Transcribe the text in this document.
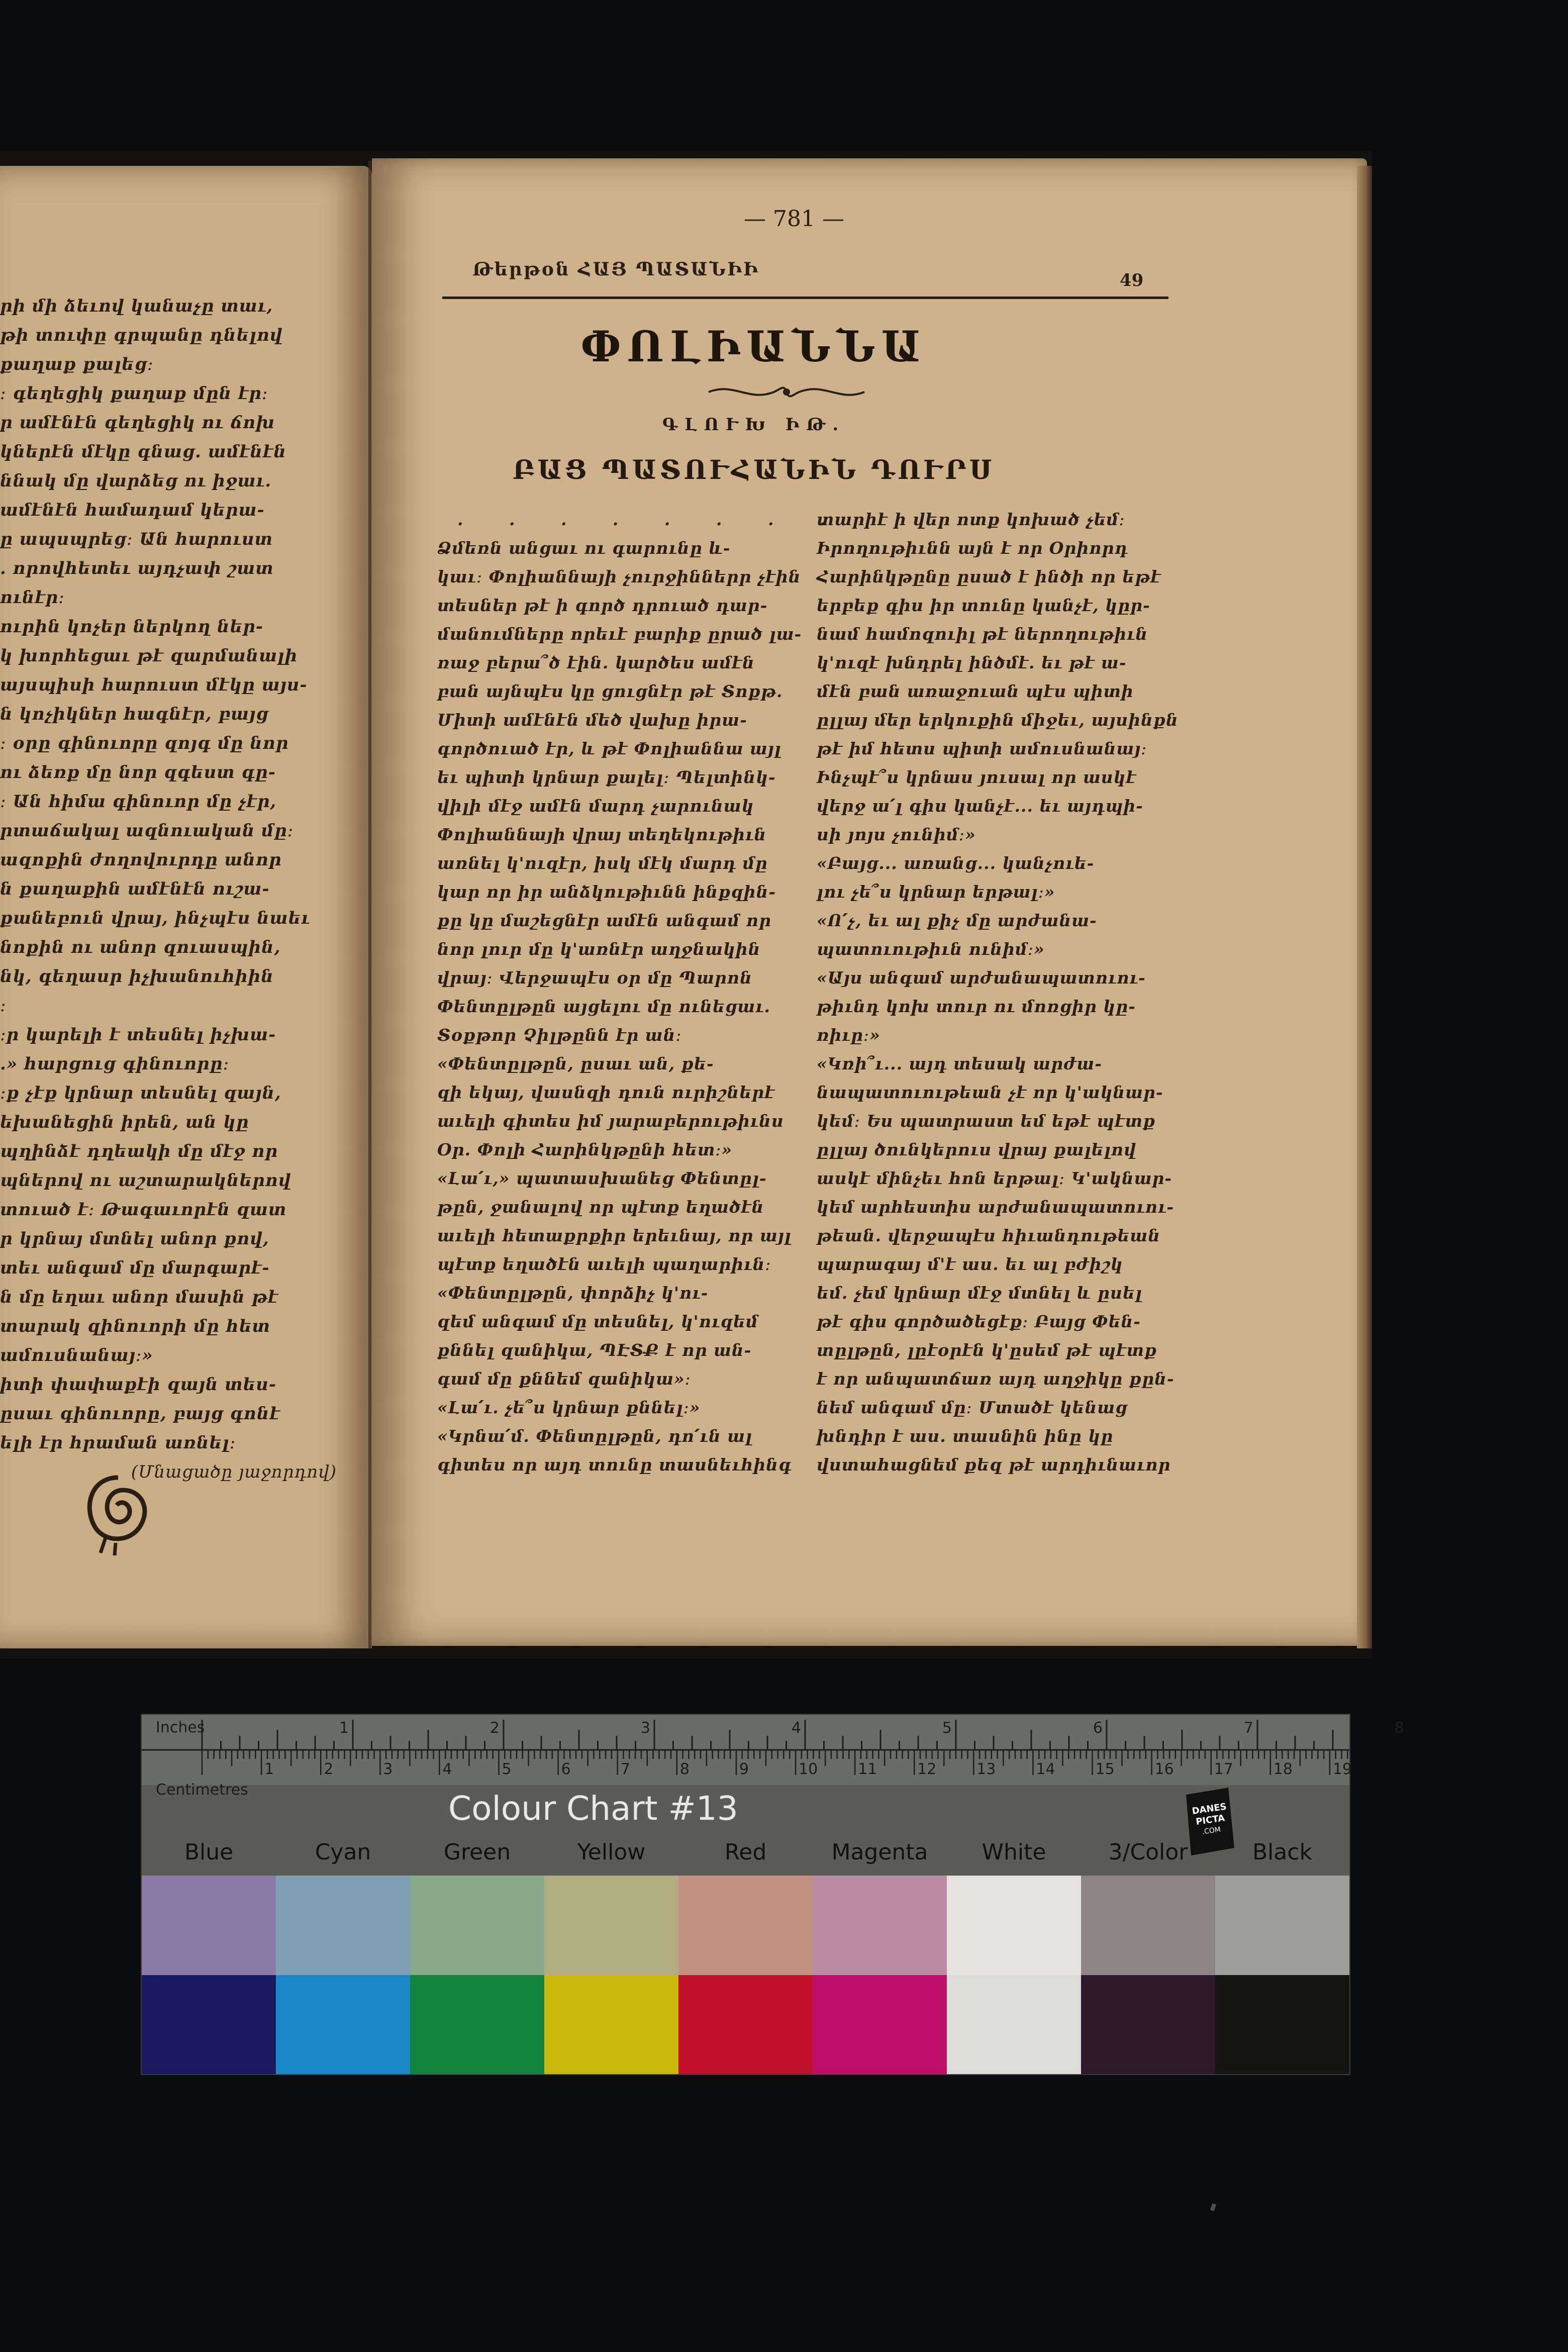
րի մի ձեւով կանաչը տաւ,
թի տուփը գրպանը դնելով
քաղաք քալեց։
։ գեղեցիկ քաղաք մըն էր։
ր ամէնէն գեղեցիկ ու ճոխ
կներէն մէկը գնաց. ամէնէն
ննակ մը վարձեց ու իջաւ.
ամէնէն համադամ կերա-
ը ապսպրեց։ Ան հարուստ
. որովհետեւ այդչափ շատ
ունէր։
ուրին կոչեր ներկող ներ-
կ խորհեցաւ թէ զարմանալի
այսպիսի հարուստ մէկը այս-
ն կոչիկներ հագնէր, բայց
։ օրը գինուորը զոյգ մը նոր
ու ձեռք մը նոր զգեստ գը-
։ Ան հիմա գինուոր մը չէր,
րտաճակալ ազնուական մը։
ազոքին ժողովուրդը անոր
ն քաղաքին ամէնէն ուշա-
քանեբուն վրայ, ինչպէս նաեւ
նոքին ու անոր զուասպին,
նկ, գեղասր իչխանուհիին
։
։ր կարելի է տեսնել իչխա-
.» հարցուց գինուորը։
։ք չէք կրնար տեսնել զայն,
եխանեցին իրեն, ան կը
պղինձէ դղեակի մը մէջ որ
պներով ու աշտարակներով
տուած է։ Թագաւորէն զատ
ր կրնայ մտնել անոր քով,
տեւ անգամ մը մարգարէ-
ն մը եղաւ անոր մասին թէ
տարակ զինուորի մը հետ
ամուսնանայ։»
իտի փափաքէի զայն տես-
ըսաւ գինուորը, բայց գոնէ
ելի էր հրաման առնել։
(Մնացածը յաջորդով)
— 781 —
Թերթօն ՀԱՅ ՊԱՏԱՆԻԻ
49
ՓՈԼԻԱՆՆԱ
ԳԼՈՒԽ ԻԹ.
ԲԱՑ ՊԱՏՈՒՀԱՆԻՆ ԴՈՒՐՍ
. . . . . . . .
Ձմեռն անցաւ ու գարունը և-
կաւ։ Փոլիաննայի չուրջիններր չէին
տեսներ թէ ի գործ դրուած դար-
մանումները որեւէ բարիք ըրած լա-
ռաջ բերա՞ծ էին. կարծես ամէն
բան այնպէս կը ցուցնէր թէ Տոքթ.
Միտի ամէնէն մեծ վախը իրա-
գործուած էր, և թէ Փոլիաննա այլ
եւ պիտի կրնար քալել։ Պելտինկ-
վիլի մէջ ամէն մարդ չարունակ
Փոլիաննայի վրայ տեղեկութիւն
առնել կ'ուզէր, իսկ մէկ մարդ մը
կար որ իր անձկութիւնն ինքզին-
քը կը մաշեցնէր ամէն անգամ որ
նոր լուր մը կ'առնէր աղջնակին
վրայ։ Վերջապէս օր մը Պարոն
Փենտըլթըն այցելու մը ունեցաւ.
Տօքթոր Չիլթընն էր ան։
«Փենտըլթըն, ըսաւ ան, քե-
զի եկայ, վասնզի դուն ուրիշներէ
աւելի գիտես իմ յարաբերութիւնս
Օր. Փոլի Հարինկթընի հետ։»
«Լա՛ւ,» պատասխանեց Փենտըլ-
թըն, ջանալով որ պէտք եղածէն
աւելի հետաքրքիր երեւնայ, որ այլ
պէտք եղածէն աւելի պաղարիւն։
«Փենտըլթըն, փորձիչ կ'ու-
զեմ անգամ մը տեսնել, կ'ուզեմ
քննել զանիկա, ՊԷՏՔ է որ ան-
գամ մը քննեմ զանիկա»։
«Լա՛ւ. չե՞ս կրնար քննել։»
«Կրնա՛մ. Փենտըլթըն, դո՛ւն ալ
գիտես որ այդ տունը տասնեւհինգ
տարիէ ի վեր ոտք կոխած չեմ։
Իրողութիւնն այն է որ Օրիորդ
Հարինկթընը ըսած է ինծի որ եթէ
երբեք գիս իր տունը կանչէ, կըր-
նամ համոզուիլ թէ ներողութիւն
կ'ուզէ խնդրել ինծմէ. եւ թէ ա-
մէն բան առաջուան պէս պիտի
ըլլայ մեր երկուքին միջեւ, այսինքն
թէ իմ հետս պիտի ամուսնանայ։
Ինչպէ՞ս կրնաս յուսալ որ ասկէ
վերջ ա՛լ գիս կանչէ... եւ այդպի-
սի յոյս չունիմ։»
«Բայց... առանց... կանչուե-
լու չե՞ս կրնար երթալ։»
«Ո՛չ, եւ ալ քիչ մը արժանա-
պատուութիւն ունիմ։»
«Այս անգամ արժանապատուու-
թիւնդ կոխ տուր ու մոռցիր կը-
ռիւը։»
«Կռի՞ւ... այդ տեսակ արժա-
նապատուութեան չէ որ կ'ակնար-
կեմ։ Ես պատրաստ եմ եթէ պէտք
ըլլայ ծունկերուս վրայ քալելով
ասկէ մինչեւ հոն երթալ։ Կ'ակնար-
կեմ արհեստիս արժանապատուու-
թեան. վերջապէս հիւանդութեան
պարագայ մ'է աս. եւ ալ բժիշկ
եմ. չեմ կրնար մէջ մտնել և ըսել
թէ գիս գործածեցէք։ Բայց Փեն-
տըլթըն, լըէօրէն կ'ըսեմ թէ պէտք
է որ անպատճառ այդ աղջիկը քըն-
նեմ անգամ մը։ Մտածէ կենաց
խնդիր է աս. տասնին ինը կը
վստահացնեմ քեզ թէ արդիւնաւոր
1	2	3	4	5	6	7	8
1	2	3	4	5	6	7	8	9	10	11	12	13	14	15	16	17	18	19
Inches
Centimetres	Colour Chart #13	DANES
PICTA
.COM
Blue	Cyan	Green	Yellow	Red	Magenta	White	3/Color	Black
